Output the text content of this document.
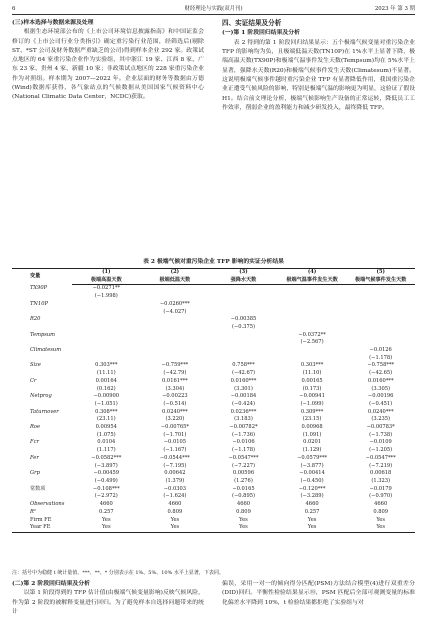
6	财经理论与实践(双月刊)	2023 年 第 3 期

(三)样本选择与数据来源及处理

根据生态环境部公布的《上市公司环境信息披露指南》和中国证监会修订的《上市公司行业分类指引》确定重污染行业范围，经筛选后(剔除 ST、*ST 公司及财务数据严重缺乏的公司)得到样本企业 292 家。政策试点地区的 64 家重污染企业作为实验组，其中浙江 19 家、江西 8 家、广东 23 家、贵州 4 家、新疆 10 家；非政策试点地区的 228 家重污染企业作为对照组。样本期为 2007—2022 年。企业层面的财务等数据由万德(Wind)数据库获得，各气象站点的气候数据从美国国家气候资料中心(National Climatic Data Center，NCDC)获取。

四、实证结果及分析

(一)第 1 阶段回归结果及分析

表 2 得到的第 1 阶段回归结果显示：五个极端气候变量对重污染企业 TFP 的影响均为负，且极端低温天数(TN10P)在 1%水平上显著下降，极端高温天数(TX90P)和极端气温事件发生天数(Tempsum)均在 5%水平上显著，强降水天数(R20)和极端气候事件发生天数(Climatesum)不显著。这说明极端气候事件越时重污染企业 TFP 有显著降低作用，我国重污染企业正遭受气候风险的影响，特别是极端气温的影响更为明显，这验证了假设 H1。结合前文理论分析，极端气候影响生产设备的正常运转，降低员工工作效率，削弱企业的盈利能力和减少研发投入，最终降低 TFP。

表 2 极端气候对重污染企业 TFP 影响的实证分析结果
变量	(1)	(2)	(3)	(4)	(5)
	极端高温天数	极端低温天数	强降水天数	极端气温事件发生天数	极端气候事件发生天数
TX90P	−0.0271**				
	(−1.998)				
TN10P		−0.0260***			
		(−4.027)			
R20			−0.00385		
			(−0.375)		
Tempsum				−0.0372**	
				(−2.567)	
Climatesum					−0.0126
					(−1.178)
Size	0.303***	−0.759***	0.758***	0.303***	−0.758***
	(11.11)	(−42.79)	(−42.67)	(11.10)	(−42.65)
Cr	0.00164	0.0161***	0.0160***	0.00165	0.0160***
	(0.162)	(3.304)	(3.301)	(0.173)	(3.305)
Netprog	−0.00900	−0.00223	−0.00184	−0.00941	−0.00196
	(−1.051)	(−0.514)	(−0.424)	(−1.099)	(−0.451)
Taturnover	0.308***	0.0240***	0.0236***	0.309***	0.0240***
	(23.11)	(3.220)	(3.183)	(23.15)	(3.235)
Roe	0.00954	−0.00765*	−0.00782*	0.00968	−0.00783*
	(1.075)	(−1.701)	(−1.736)	(1.091)	(−1.738)
Fcr	0.0104	−0.0105	−0.0106	0.0201	−0.0109
	(1.117)	(−1.167)	(−1.178)	(1.129)	(−1.205)
Fer	−0.0582***	−0.0544***	−0.0547***	−0.0579***	−0.0547***
	(−3.897)	(−7.195)	(−7.227)	(−3.877)	(−7.219)
Grp	−0.00459	0.00642	0.00596	−0.00414	0.00618
	(−0.499)	(1.379)	(1.276)	(−0.450)	(1.323)
常数项	−0.108***	−0.0303	−0.0165	−0.120***	−0.0179
	(−2.972)	(−1.624)	(−0.895)	(−3.289)	(−0.970)
Observations	4660	4660	4660	4660	4660
R²	0.257	0.809	0.809	0.257	0.809
Firm FE	Yes	Yes	Yes	Yes	Yes
Year FE	Yes	Yes	Yes	Yes	Yes
注：括号中为稳健 t 统计量值，***、**、* 分别表示在 1%、5%、10% 水平上显著，下表同。

(二)第 2 阶段回归结果及分析

以第 1 阶段得到的 TFP 估计值(由极端气候变量影响)反映气候风险，作为第 2 阶段的被解释变量进行回归。为了避免样本自选择问题带来的统计

偏误，采用一对一的倾向得分匹配(PSM)方法结合模型(4)进行双重差分(DID)回归。平衡性检验结果显示⑩，PSM 匹配后全部可观测变量的标准化偏差水平降到 10%，t 检验结果都拒绝了实验组与对
